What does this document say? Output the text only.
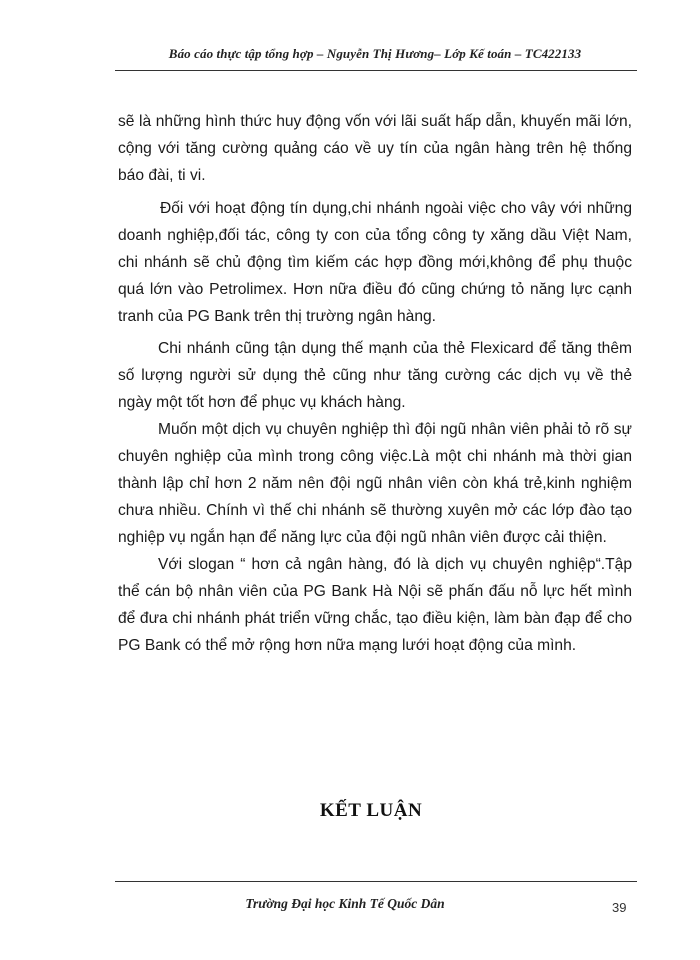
Báo cáo thực tập tổng hợp – Nguyễn Thị Hương– Lớp Kế toán – TC422133

sẽ là những hình thức huy động vốn với lãi suất hấp dẫn, khuyến mãi lớn, cộng với tăng cường quảng cáo về uy tín của ngân hàng trên hệ thống báo đài, ti vi.

Đối với hoạt động tín dụng,chi nhánh ngoài việc cho vây với những doanh nghiệp,đối tác, công ty con của tổng công ty xăng dầu Việt Nam, chi nhánh sẽ chủ động tìm kiếm các hợp đồng mới,không để phụ thuộc quá lớn vào Petrolimex. Hơn nữa điều đó cũng chứng tỏ năng lực cạnh tranh của PG Bank trên thị trường ngân hàng.

Chi nhánh cũng tận dụng thế mạnh của thẻ Flexicard để tăng thêm số lượng người sử dụng thẻ cũng như tăng cường các dịch vụ về thẻ ngày một tốt hơn để phục vụ khách hàng.

Muốn một dịch vụ chuyên nghiệp thì đội ngũ nhân viên phải tỏ rõ sự chuyên nghiệp của mình trong công việc.Là một chi nhánh mà thời gian thành lập chỉ hơn 2 năm nên đội ngũ nhân viên còn khá trẻ,kinh nghiệm chưa nhiều. Chính vì thế chi nhánh sẽ thường xuyên mở các lớp đào tạo nghiệp vụ ngắn hạn để năng lực của đội ngũ nhân viên được cải thiện.

Với slogan “ hơn cả ngân hàng, đó là dịch vụ chuyên nghiệp“.Tập thể cán bộ nhân viên của PG Bank Hà Nội sẽ phấn đấu nỗ lực hết mình để đưa chi nhánh phát triển vững chắc, tạo điều kiện, làm bàn đạp để cho PG Bank có thể mở rộng hơn nữa mạng lưới hoạt động của mình.

KẾT LUẬN
Trường Đại học Kinh Tế Quốc Dân	39
